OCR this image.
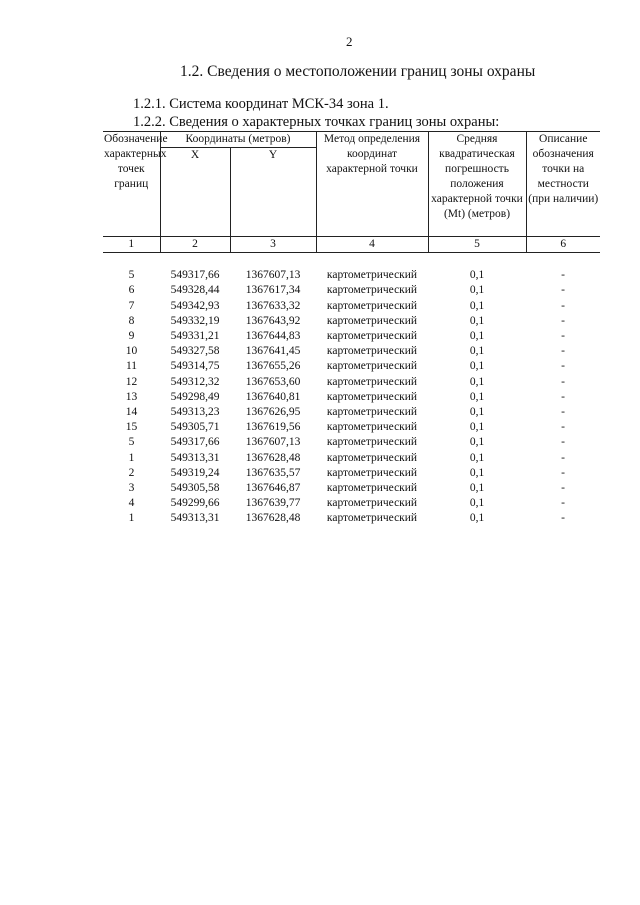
2
1.2. Сведения о местоположении границ зоны охраны
1.2.1. Система координат МСК-34 зона 1.
1.2.2. Сведения о характерных точках границ зоны охраны:
Обозначение характерных точек границ	Координаты (метров)		Метод определения координат характерной точки	Средняя квадратическая погрешность положения характерной точки (Mt) (метров)	Описание обозначения точки на местности (при наличии)
	X	Y			
1	2	3	4	5	6

5	549317,66	1367607,13	картометрический	0,1	-
6	549328,44	1367617,34	картометрический	0,1	-
7	549342,93	1367633,32	картометрический	0,1	-
8	549332,19	1367643,92	картометрический	0,1	-
9	549331,21	1367644,83	картометрический	0,1	-
10	549327,58	1367641,45	картометрический	0,1	-
11	549314,75	1367655,26	картометрический	0,1	-
12	549312,32	1367653,60	картометрический	0,1	-
13	549298,49	1367640,81	картометрический	0,1	-
14	549313,23	1367626,95	картометрический	0,1	-
15	549305,71	1367619,56	картометрический	0,1	-
5	549317,66	1367607,13	картометрический	0,1	-
1	549313,31	1367628,48	картометрический	0,1	-
2	549319,24	1367635,57	картометрический	0,1	-
3	549305,58	1367646,87	картометрический	0,1	-
4	549299,66	1367639,77	картометрический	0,1	-
1	549313,31	1367628,48	картометрический	0,1	-
